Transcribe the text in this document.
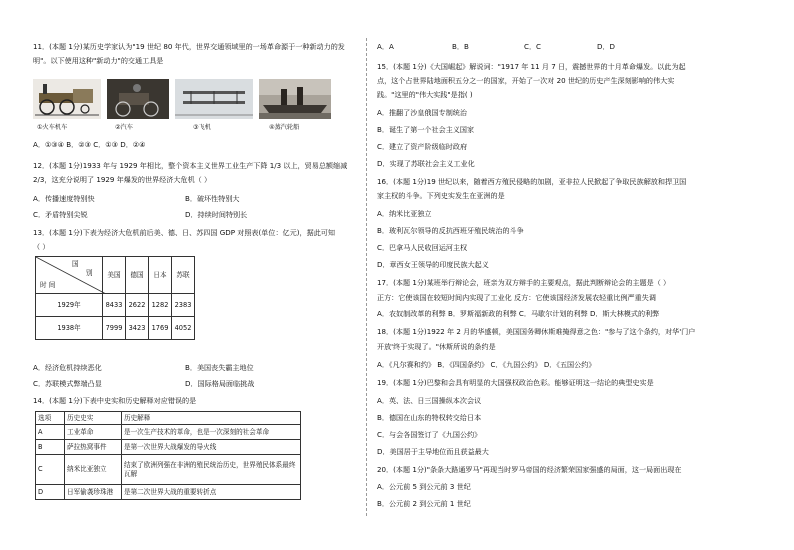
11．(本题 1分)某历史学家认为"19 世纪 80 年代，世界交通领域里的一场革命源于一种新动力的发
明"。以下使用这种"新动力"的交通工具是
①火车机车	②汽车	③飞机	④蒸汽轮船
A．①③④ B．②③ C．①③ D．②④
12．(本题 1分)1933 年与 1929 年相比，整个资本主义世界工业生产下降 1/3 以上，贸易总额缩减
2/3，这充分说明了 1929 年爆发的世界经济大危机（ ）
A．传播速度特别快	B．破坏性特别大
C．矛盾特别尖锐	D．持续时间特别长
13．(本题 1分)下表为经济大危机前后美、德、日、苏四国 GDP 对照表(单位：亿元)，据此可知
（ ）
国
别
时 间	美国	德国	日本	苏联
1929年	8433	2622	1282	2383
1938年	7999	3423	1769	4052
A．经济危机持续恶化	B．美国丧失霸主地位
C．苏联模式弊端凸显	D．国际格局面临挑战
14．(本题 1分)下表中史实和历史解释对应错误的是
选项	历史史实	历史解释
A	工业革命	是一次生产技术的革命，也是一次深刻的社会革命
B	萨拉热窝事件	是第一次世界大战爆发的导火线
C	纳米比亚独立	结束了欧洲列强在非洲的殖民统治历史，世界殖民体系最终瓦解
D	日军偷袭珍珠港	是第二次世界大战的重要转折点
A．A	B．B	C．C	D．D
15．(本题 1分)《大国崛起》解说词："1917 年 11 月 7 日，震撼世界的十月革命爆发。以此为起
点，这个占世界陆地面积五分之一的国家，开始了一次对 20 世纪的历史产生深刻影响的伟大实
践。"这里的"伟大实践"是指( )
A．推翻了沙皇俄国专制统治
B．诞生了第一个社会主义国家
C．建立了资产阶级临时政府
D．实现了苏联社会主义工业化
16．(本题 1分)19 世纪以来，随着西方殖民侵略的加剧，亚非拉人民掀起了争取民族解放和捍卫国
家主权的斗争。下列史实发生在亚洲的是
A．纳米比亚独立
B．玻利瓦尔领导的反抗西班牙殖民统治的斗争
C．巴拿马人民收回运河主权
D．章西女王领导的印度民族大起义
17．(本题 1分)某班举行辩论会，班亲为双方辩手的主要观点，据此判断辩论会的主题是（ ）
正方：它使该国在较短时间内实现了工业化 反方：它使该国经济发展农轻重比例严重失调
A．农奴制改革的利弊 B．罗斯福新政的利弊 C．马歇尔计划的利弊 D．斯大林模式的利弊
18．(本题 1分)1922 年 2 月的华盛顿，美国国务卿休斯难掩得意之色："参与了这个条约，对华'门户
开放'终于实现了。"休斯所说的条约是
A．《凡尔赛和约》 B．《四国条约》 C．《九国公约》 D．《五国公约》
19．(本题 1分)巴黎和会具有明显的大国强权政治色彩。能够证明这一结论的典型史实是
A．英、法、日三国操纵本次会议
B．德国在山东的特权转交给日本
C．与会各国签订了《九国公约》
D．美国居于主导地位而且获益最大
20．(本题 1分)"条条大路通罗马"再现当时罗马帝国的经济繁荣国家强盛的局面，这一局面出现在
A．公元前 5 到公元前 3 世纪
B．公元前 2 到公元前 1 世纪
